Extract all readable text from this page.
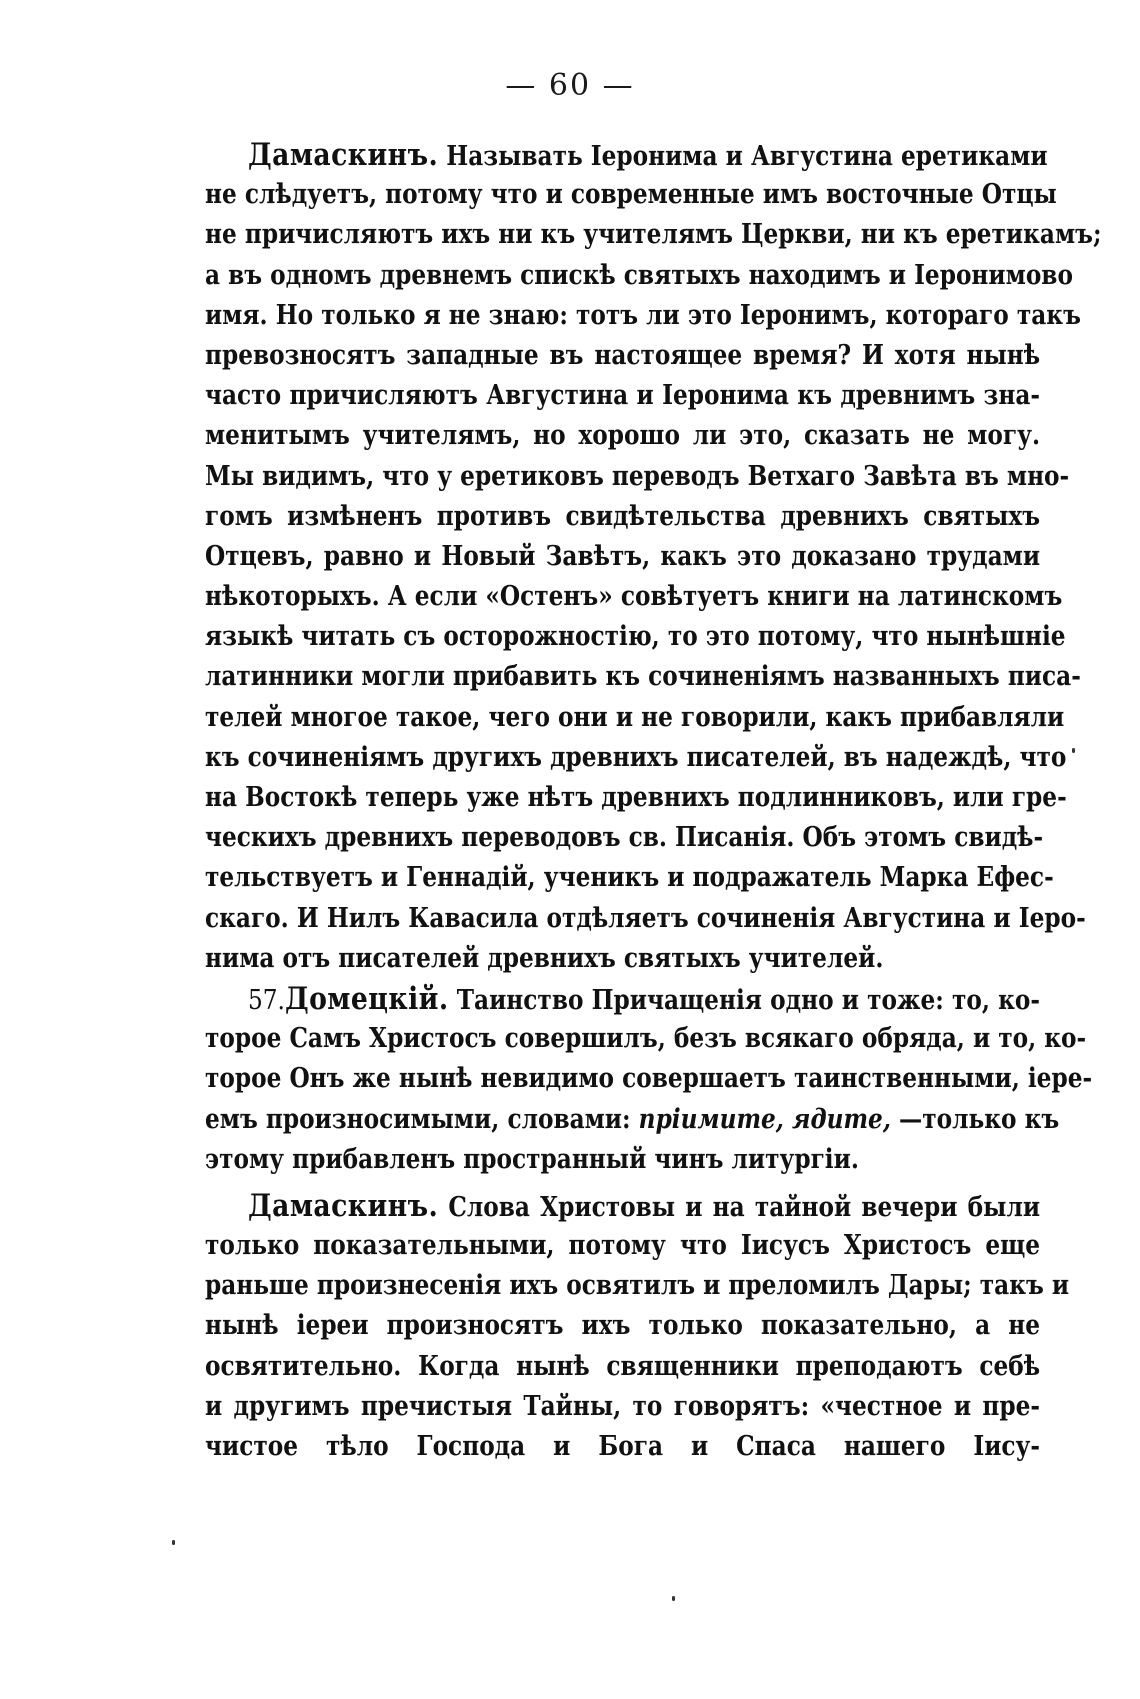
— 60 —
Дамаскинъ. Называть Іеронима и Августина еретиками
не слѣдуетъ, потому что и современные имъ восточные Отцы
не причисляютъ ихъ ни къ учителямъ Церкви, ни къ еретикамъ;
а въ одномъ древнемъ спискѣ святыхъ находимъ и Іеронимово
имя. Но только я не знаю: тотъ ли это Іеронимъ, котораго такъ
превозносятъ западные въ настоящее время? И хотя нынѣ
часто причисляютъ Августина и Іеронима къ древнимъ зна-
менитымъ учителямъ, но хорошо ли это, сказать не могу.
Мы видимъ, что у еретиковъ переводъ Ветхаго Завѣта въ мно-
гомъ измѣненъ противъ свидѣтельства древнихъ святыхъ
Отцевъ, равно и Новый Завѣтъ, какъ это доказано трудами
нѣкоторыхъ. А если «Остенъ» совѣтуетъ книги на латинскомъ
языкѣ читать съ осторожностію, то это потому, что нынѣшніе
латинники могли прибавить къ сочиненіямъ названныхъ писа-
телей многое такое, чего они и не говорили, какъ прибавляли
къ сочиненіямъ другихъ древнихъ писателей, въ надеждѣ, что
на Востокѣ теперь уже нѣтъ древнихъ подлинниковъ, или гре-
ческихъ древнихъ переводовъ св. Писанія. Объ этомъ свидѣ-
тельствуетъ и Геннадій, ученикъ и подражатель Марка Ефес-
скаго. И Нилъ Кавасила отдѣляетъ сочиненія Августина и Іеро-
нима отъ писателей древнихъ святыхъ учителей.
57.Домецкій. Таинство Причащенія одно и тоже: то, ко-
торое Самъ Христосъ совершилъ, безъ всякаго обряда, и то, ко-
торое Онъ же нынѣ невидимо совершаетъ таинственными, іере-
емъ произносимыми, словами: пріимите, ядите, —только къ
этому прибавленъ пространный чинъ литургіи.
Дамаскинъ. Слова Христовы и на тайной вечери были
только показательными, потому что Іисусъ Христосъ еще
раньше произнесенія ихъ освятилъ и преломилъ Дары; такъ и
нынѣ іереи произносятъ ихъ только показательно, а не
освятительно. Когда нынѣ священники преподаютъ себѣ
и другимъ пречистыя Тайны, то говорятъ: «честное и пре-
чистое тѣло Господа и Бога и Спаса нашего Іису-
